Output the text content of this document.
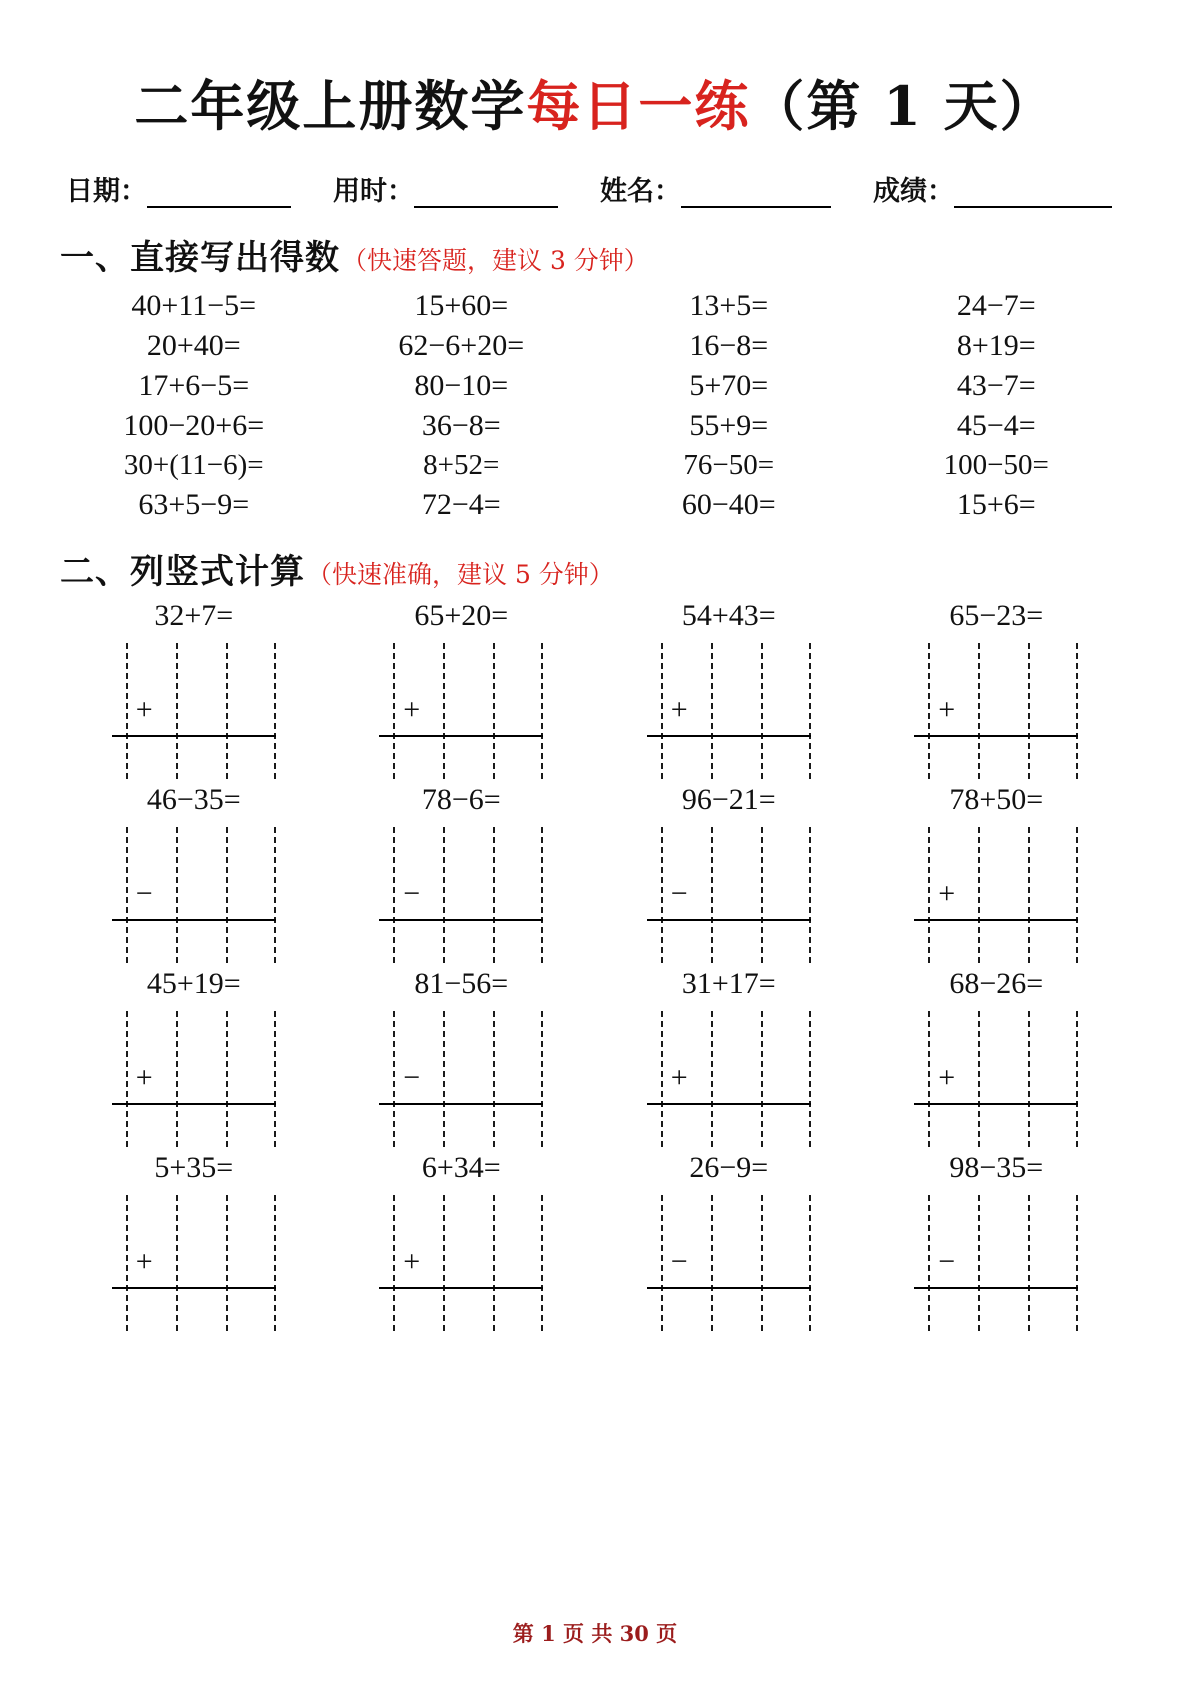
二年级上册数学每日一练（第 1 天）
日期：	用时：	姓名：	成绩：
一、直接写出得数 （快速答题，建议 3 分钟）
40+11−5=	15+60=	13+5=	24−7=
20+40=	62−6+20=	16−8=	8+19=
17+6−5=	80−10=	5+70=	43−7=
100−20+6=	36−8=	55+9=	45−4=
30+(11−6)=	8+52=	76−50=	100−50=
63+5−9=	72−4=	60−40=	15+6=
二、列竖式计算 （快速准确，建议 5 分钟）
32+7=
+
65+20=
+
54+43=
+
65−23=
+
46−35=
−
78−6=
−
96−21=
−
78+50=
+
45+19=
+
81−56=
−
31+17=
+
68−26=
+
5+35=
+
6+34=
+
26−9=
−
98−35=
−
第 1 页 共 30 页
